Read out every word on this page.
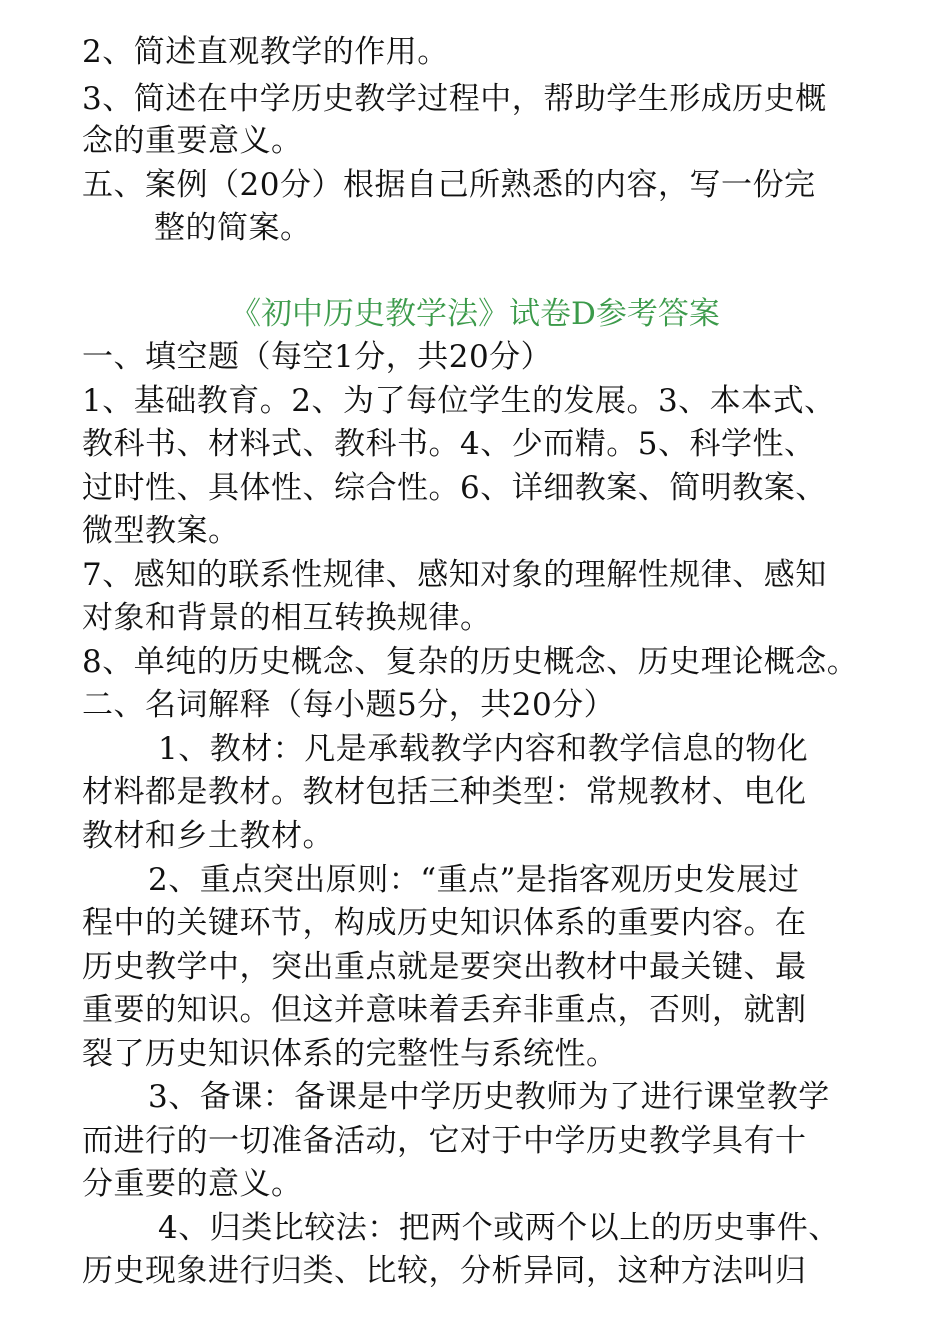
2、简述直观教学的作用。
3、简述在中学历史教学过程中，帮助学生形成历史概
念的重要意义。
五、案例（20分）根据自己所熟悉的内容，写一份完
整的简案。
《初中历史教学法》试卷D参考答案
一、填空题（每空1分，共20分）
1、基础教育。2、为了每位学生的发展。3、本本式、
教科书、材料式、教科书。4、少而精。5、科学性、
过时性、具体性、综合性。6、详细教案、简明教案、
微型教案。
7、感知的联系性规律、感知对象的理解性规律、感知
对象和背景的相互转换规律。
8、单纯的历史概念、复杂的历史概念、历史理论概念。
二、名词解释（每小题5分，共20分）
1、教材：凡是承载教学内容和教学信息的物化
材料都是教材。教材包括三种类型：常规教材、电化
教材和乡土教材。
2、重点突出原则：“重点”是指客观历史发展过
程中的关键环节，构成历史知识体系的重要内容。在
历史教学中，突出重点就是要突出教材中最关键、最
重要的知识。但这并意味着丢弃非重点，否则，就割
裂了历史知识体系的完整性与系统性。
3、备课：备课是中学历史教师为了进行课堂教学
而进行的一切准备活动，它对于中学历史教学具有十
分重要的意义。
4、归类比较法：把两个或两个以上的历史事件、
历史现象进行归类、比较，分析异同，这种方法叫归
